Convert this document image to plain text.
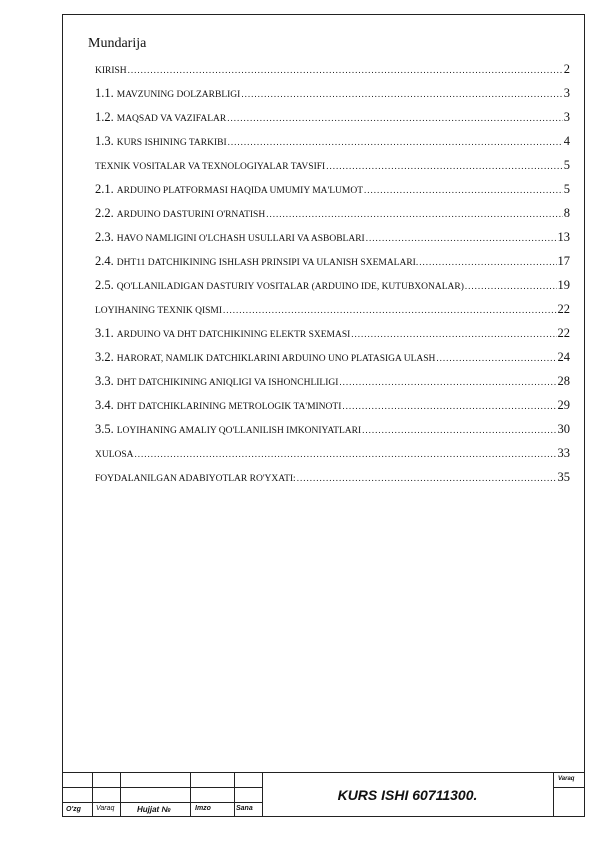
Mundarija
KIRISH .....	2
1.1. MAVZUNING DOLZARBLIGI .....	3
1.2. MAQSAD VA VAZIFALAR .....	3
1.3. KURS ISHINING TARKIBI .....	4
TEXNIK VOSITALAR VA TEXNOLOGIYALAR TAVSIFI .....	5
2.1. ARDUINO PLATFORMASI HAQIDA UMUMIY MA'LUMOT .....	5
2.2. ARDUINO DASTURINI O'RNATISH .....	8
2.3. HAVO NAMLIGINI O'LCHASH USULLARI VA ASBOBLARI .....	13
2.4. DHT11 DATCHIKINING ISHLASH PRINSIPI VA ULANISH SXEMALARI. .....	17
2.5. QO'LLANILADIGAN DASTURIY VOSITALAR (ARDUINO IDE, KUTUBXONALAR) .....	19
LOYIHANING TEXNIK QISMI .....	22
3.1. ARDUINO VA DHT DATCHIKINING ELEKTR SXEMASI .....	22
3.2. HARORAT, NAMLIK DATCHIKLARINI ARDUINO UNO PLATASIGA ULASH .....	24
3.3. DHT DATCHIKINING ANIQLIGI VA ISHONCHLILIGI .....	28
3.4. DHT DATCHIKLARINING METROLOGIK TA'MINOTI .....	29
3.5. LOYIHANING AMALIY QO'LLANILISH IMKONIYATLARI .....	30
XULOSA .....	33
FOYDALANILGAN ADABIYOTLAR RO'YXATI: .....	35
O'zg Varaq	Hujjat №	Imzo	Sana
KURS ISHI 60711300.
Varaq
